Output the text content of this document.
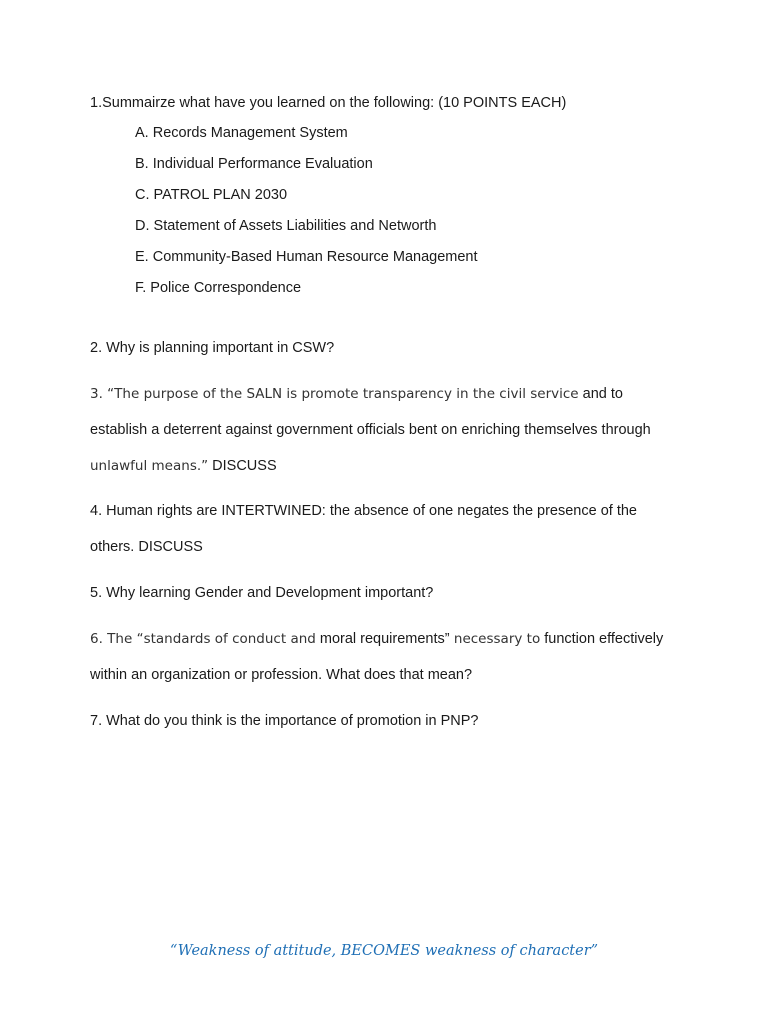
1.Summairze what have you learned on the following: (10 POINTS EACH)
A. Records Management System
B. Individual Performance Evaluation
C. PATROL PLAN 2030
D. Statement of Assets Liabilities and Networth
E. Community-Based Human Resource Management
F. Police Correspondence
2. Why is planning important in CSW?
3. “The purpose of the SALN is promote transparency in the civil service and to
establish a deterrent against government officials bent on enriching themselves through
unlawful means.” DISCUSS
4. Human rights are INTERTWINED: the absence of one negates the presence of the
others. DISCUSS
5. Why learning Gender and Development important?
6. The “standards of conduct and moral requirements” necessary to function effectively
within an organization or profession. What does that mean?
7. What do you think is the importance of promotion in PNP?
“Weakness of attitude, BECOMES weakness of character”
